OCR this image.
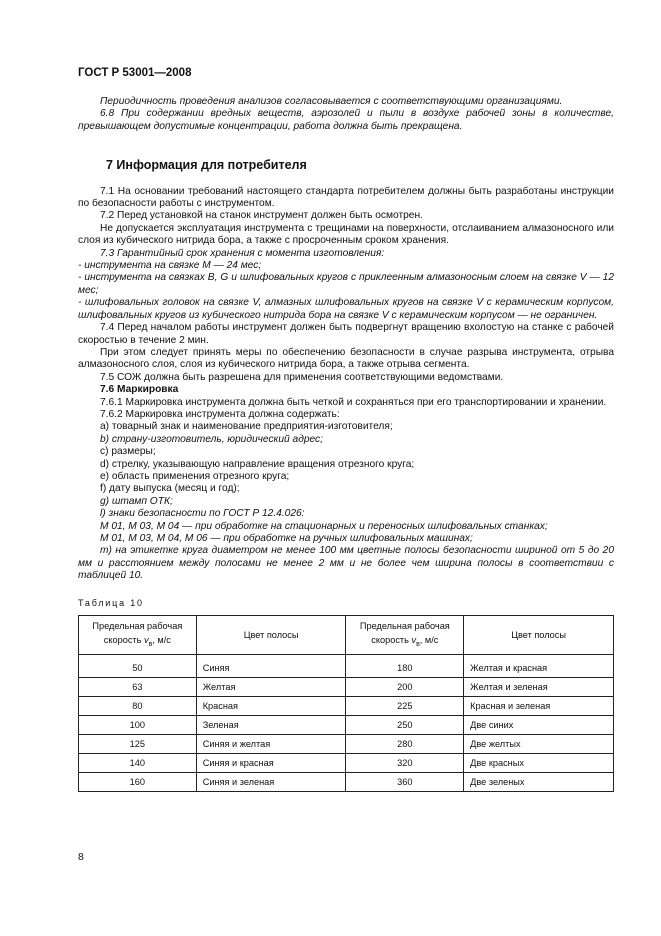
ГОСТ Р 53001—2008

Периодичность проведения анализов согласовывается с соответствующими организациями.

6.8 При содержании вредных веществ, аэрозолей и пыли в воздухе рабочей зоны в количестве, превышающем допустимые концентрации, работа должна быть прекращена.

7 Информация для потребителя

7.1 На основании требований настоящего стандарта потребителем должны быть разработаны инструкции по безопасности работы с инструментом.

7.2 Перед установкой на станок инструмент должен быть осмотрен.

Не допускается эксплуатация инструмента с трещинами на поверхности, отслаиванием алмазоносного или слоя из кубического нитрида бора, а также с просроченным сроком хранения.

7.3 Гарантийный срок хранения с момента изготовления:

- инструмента на связке М — 24 мес;

- инструмента на связках В, G и шлифовальных кругов с приклеенным алмазоносным слоем на связке V — 12 мес;

- шлифовальных головок на связке V, алмазных шлифовальных кругов на связке V с керамическим корпусом, шлифовальных кругов из кубического нитрида бора на связке V с керамическим корпусом — не ограничен.

7.4 Перед началом работы инструмент должен быть подвергнут вращению вхолостую на станке с рабочей скоростью в течение 2 мин.

При этом следует принять меры по обеспечению безопасности в случае разрыва инструмента, отрыва алмазоносного слоя, слоя из кубического нитрида бора, а также отрыва сегмента.

7.5 СОЖ должна быть разрешена для применения соответствующими ведомствами.

7.6 Маркировка

7.6.1 Маркировка инструмента должна быть четкой и сохраняться при его транспортировании и хранении.

7.6.2 Маркировка инструмента должна содержать:

а) товарный знак и наименование предприятия-изготовителя;

b) страну-изготовитель, юридический адрес;

c) размеры;

d) стрелку, указывающую направление вращения отрезного круга;

e) область применения отрезного круга;

f) дату выпуска (месяц и год);

g) штамп ОТК;

l) знаки безопасности по ГОСТ Р 12.4.026:

M 01, M 03, M 04 — при обработке на стационарных и переносных шлифовальных станках;

M 01, M 03, M 04, M 06 — при обработке на ручных шлифовальных машинах;

m) на этикетке круга диаметром не менее 100 мм цветные полосы безопасности шириной от 5 до 20 мм и расстоянием между полосами не менее 2 мм и не более чем ширина полосы в соответствии с таблицей 10.

Таблица 10
Предельная рабочая
скорость $v_в$, м/с	Цвет полосы	Предельная рабочая
скорость $v_в$, м/с	Цвет полосы
50	Синяя	180	Желтая и красная
63	Желтая	200	Желтая и зеленая
80	Красная	225	Красная и зеленая
100	Зеленая	250	Две синих
125	Синяя и желтая	280	Две желтых
140	Синяя и красная	320	Две красных
160	Синяя и зеленая	360	Две зеленых
8
